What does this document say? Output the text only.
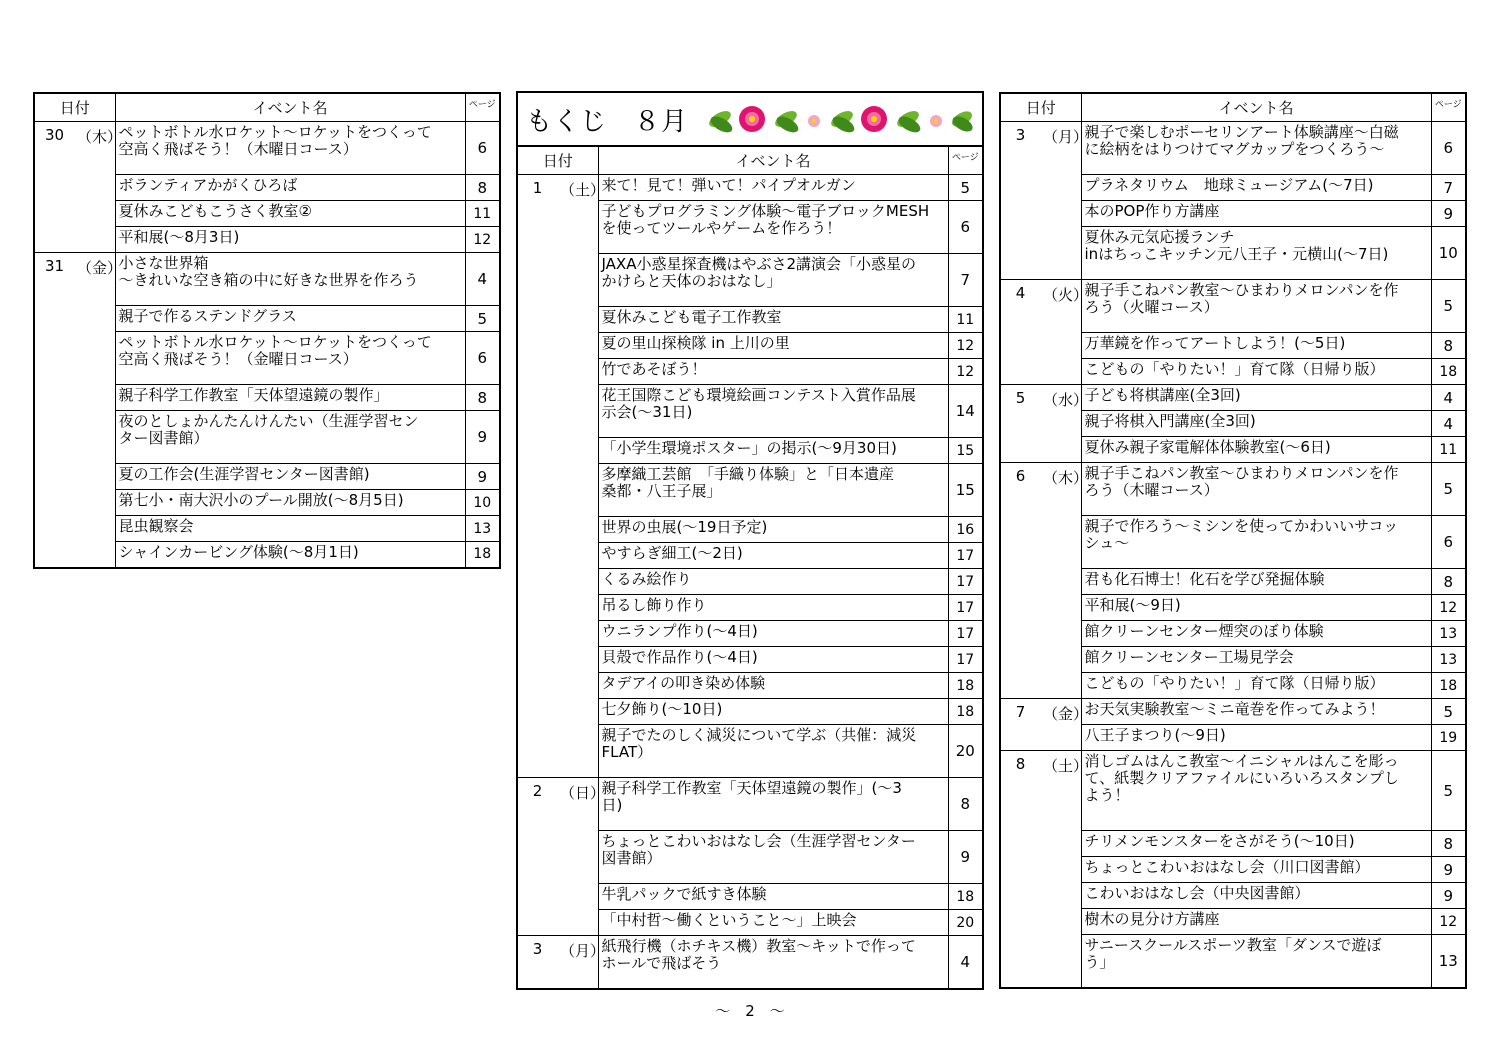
日付		イベント名	ページ
30	（木）	ペットボトル水ロケット～ロケットをつくって
空高く飛ばそう！（木曜日コース）	6
		ボランティアかがくひろば	8
		夏休みこどもこうさく教室②	11
		平和展(～8月3日)	12
31	（金）	小さな世界箱
～きれいな空き箱の中に好きな世界を作ろう	4
		親子で作るステンドグラス	5
		ペットボトル水ロケット～ロケットをつくって
空高く飛ばそう！（金曜日コース）	6
		親子科学工作教室「天体望遠鏡の製作」	8
		夜のとしょかんたんけんたい（生涯学習セン
ター図書館）	9
		夏の工作会(生涯学習センター図書館)	9
		第七小・南大沢小のプール開放(～8月5日)	10
		昆虫観察会	13
		シャインカービング体験(～8月1日)	18
もくじ　８月
日付		イベント名	ページ
1	（土）	来て！見て！弾いて！パイプオルガン	5
		子どもプログラミング体験～電子ブロックMESH
を使ってツールやゲームを作ろう！	6
		JAXA小惑星探査機はやぶさ2講演会「小惑星の
かけらと天体のおはなし」	7
		夏休みこども電子工作教室	11
		夏の里山探検隊 in 上川の里	12
		竹であそぼう！	12
		花王国際こども環境絵画コンテスト入賞作品展
示会(～31日)	14
		「小学生環境ポスター」の掲示(～9月30日)	15
		多摩織工芸館　「手織り体験」と「日本遺産
桑都・八王子展」	15
		世界の虫展(～19日予定)	16
		やすらぎ細工(～2日)	17
		くるみ絵作り	17
		吊るし飾り作り	17
		ウニランプ作り(～4日)	17
		貝殻で作品作り(～4日)	17
		タデアイの叩き染め体験	18
		七夕飾り(～10日)	18
		親子でたのしく減災について学ぶ（共催：減災
FLAT）	20
2	（日）	親子科学工作教室「天体望遠鏡の製作」(～3
日)	8
		ちょっとこわいおはなし会（生涯学習センター
図書館）	9
		牛乳パックで紙すき体験	18
		「中村哲～働くということ～」上映会	20
3	（月）	紙飛行機（ホチキス機）教室～キットで作って
ホールで飛ばそう	4
日付		イベント名	ページ
3	（月）	親子で楽しむポーセリンアート体験講座～白磁
に絵柄をはりつけてマグカップをつくろう～	6
		プラネタリウム　地球ミュージアム(～7日)	7
		本のPOP作り方講座	9
		夏休み元気応援ランチ
inはちっこキッチン元八王子・元横山(～7日)	10
4	（火）	親子手こねパン教室～ひまわりメロンパンを作
ろう（火曜コース）	5
		万華鏡を作ってアートしよう！(～5日)	8
		こどもの「やりたい！」育て隊（日帰り版）	18
5	（水）	子ども将棋講座(全3回)	4
		親子将棋入門講座(全3回)	4
		夏休み親子家電解体体験教室(～6日)	11
6	（木）	親子手こねパン教室～ひまわりメロンパンを作
ろう（木曜コース）	5
		親子で作ろう～ミシンを使ってかわいいサコッ
シュ～	6
		君も化石博士！化石を学び発掘体験	8
		平和展(～9日)	12
		館クリーンセンター煙突のぼり体験	13
		館クリーンセンター工場見学会	13
		こどもの「やりたい！」育て隊（日帰り版）	18
7	（金）	お天気実験教室～ミニ竜巻を作ってみよう！	5
		八王子まつり(～9日)	19
8	（土）	消しゴムはんこ教室～イニシャルはんこを彫っ
て、紙製クリアファイルにいろいろスタンプし
よう！	5
		チリメンモンスターをさがそう(～10日)	8
		ちょっとこわいおはなし会（川口図書館）	9
		こわいおはなし会（中央図書館）	9
		樹木の見分け方講座	12
		サニースクールスポーツ教室「ダンスで遊ぼ
う」	13
～　2　～
